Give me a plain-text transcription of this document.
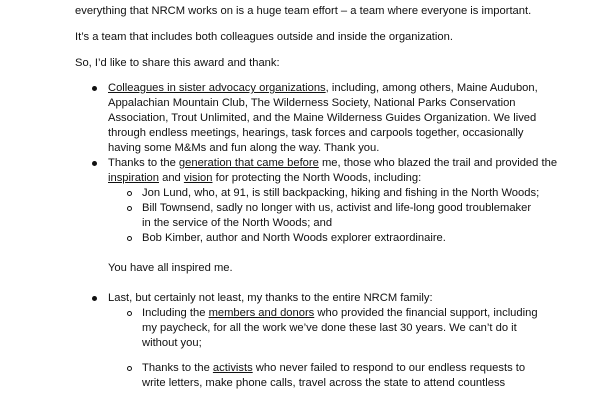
everything that NRCM works on is a huge team effort – a team where everyone is important.
It’s a team that includes both colleagues outside and inside the organization.
So, I’d like to share this award and thank:
Colleagues in sister advocacy organizations, including, among others, Maine Audubon,
Appalachian Mountain Club, The Wilderness Society, National Parks Conservation
Association, Trout Unlimited, and the Maine Wilderness Guides Organization. We lived
through endless meetings, hearings, task forces and carpools together, occasionally
having some M&Ms and fun along the way. Thank you.
Thanks to the generation that came before me, those who blazed the trail and provided the
inspiration and vision for protecting the North Woods, including:
Jon Lund, who, at 91, is still backpacking, hiking and fishing in the North Woods;
Bill Townsend, sadly no longer with us, activist and life-long good troublemaker
in the service of the North Woods; and
Bob Kimber, author and North Woods explorer extraordinaire.
You have all inspired me.
Last, but certainly not least, my thanks to the entire NRCM family:
Including the members and donors who provided the financial support, including
my paycheck, for all the work we’ve done these last 30 years. We can’t do it
without you;
Thanks to the activists who never failed to respond to our endless requests to
write letters, make phone calls, travel across the state to attend countless
